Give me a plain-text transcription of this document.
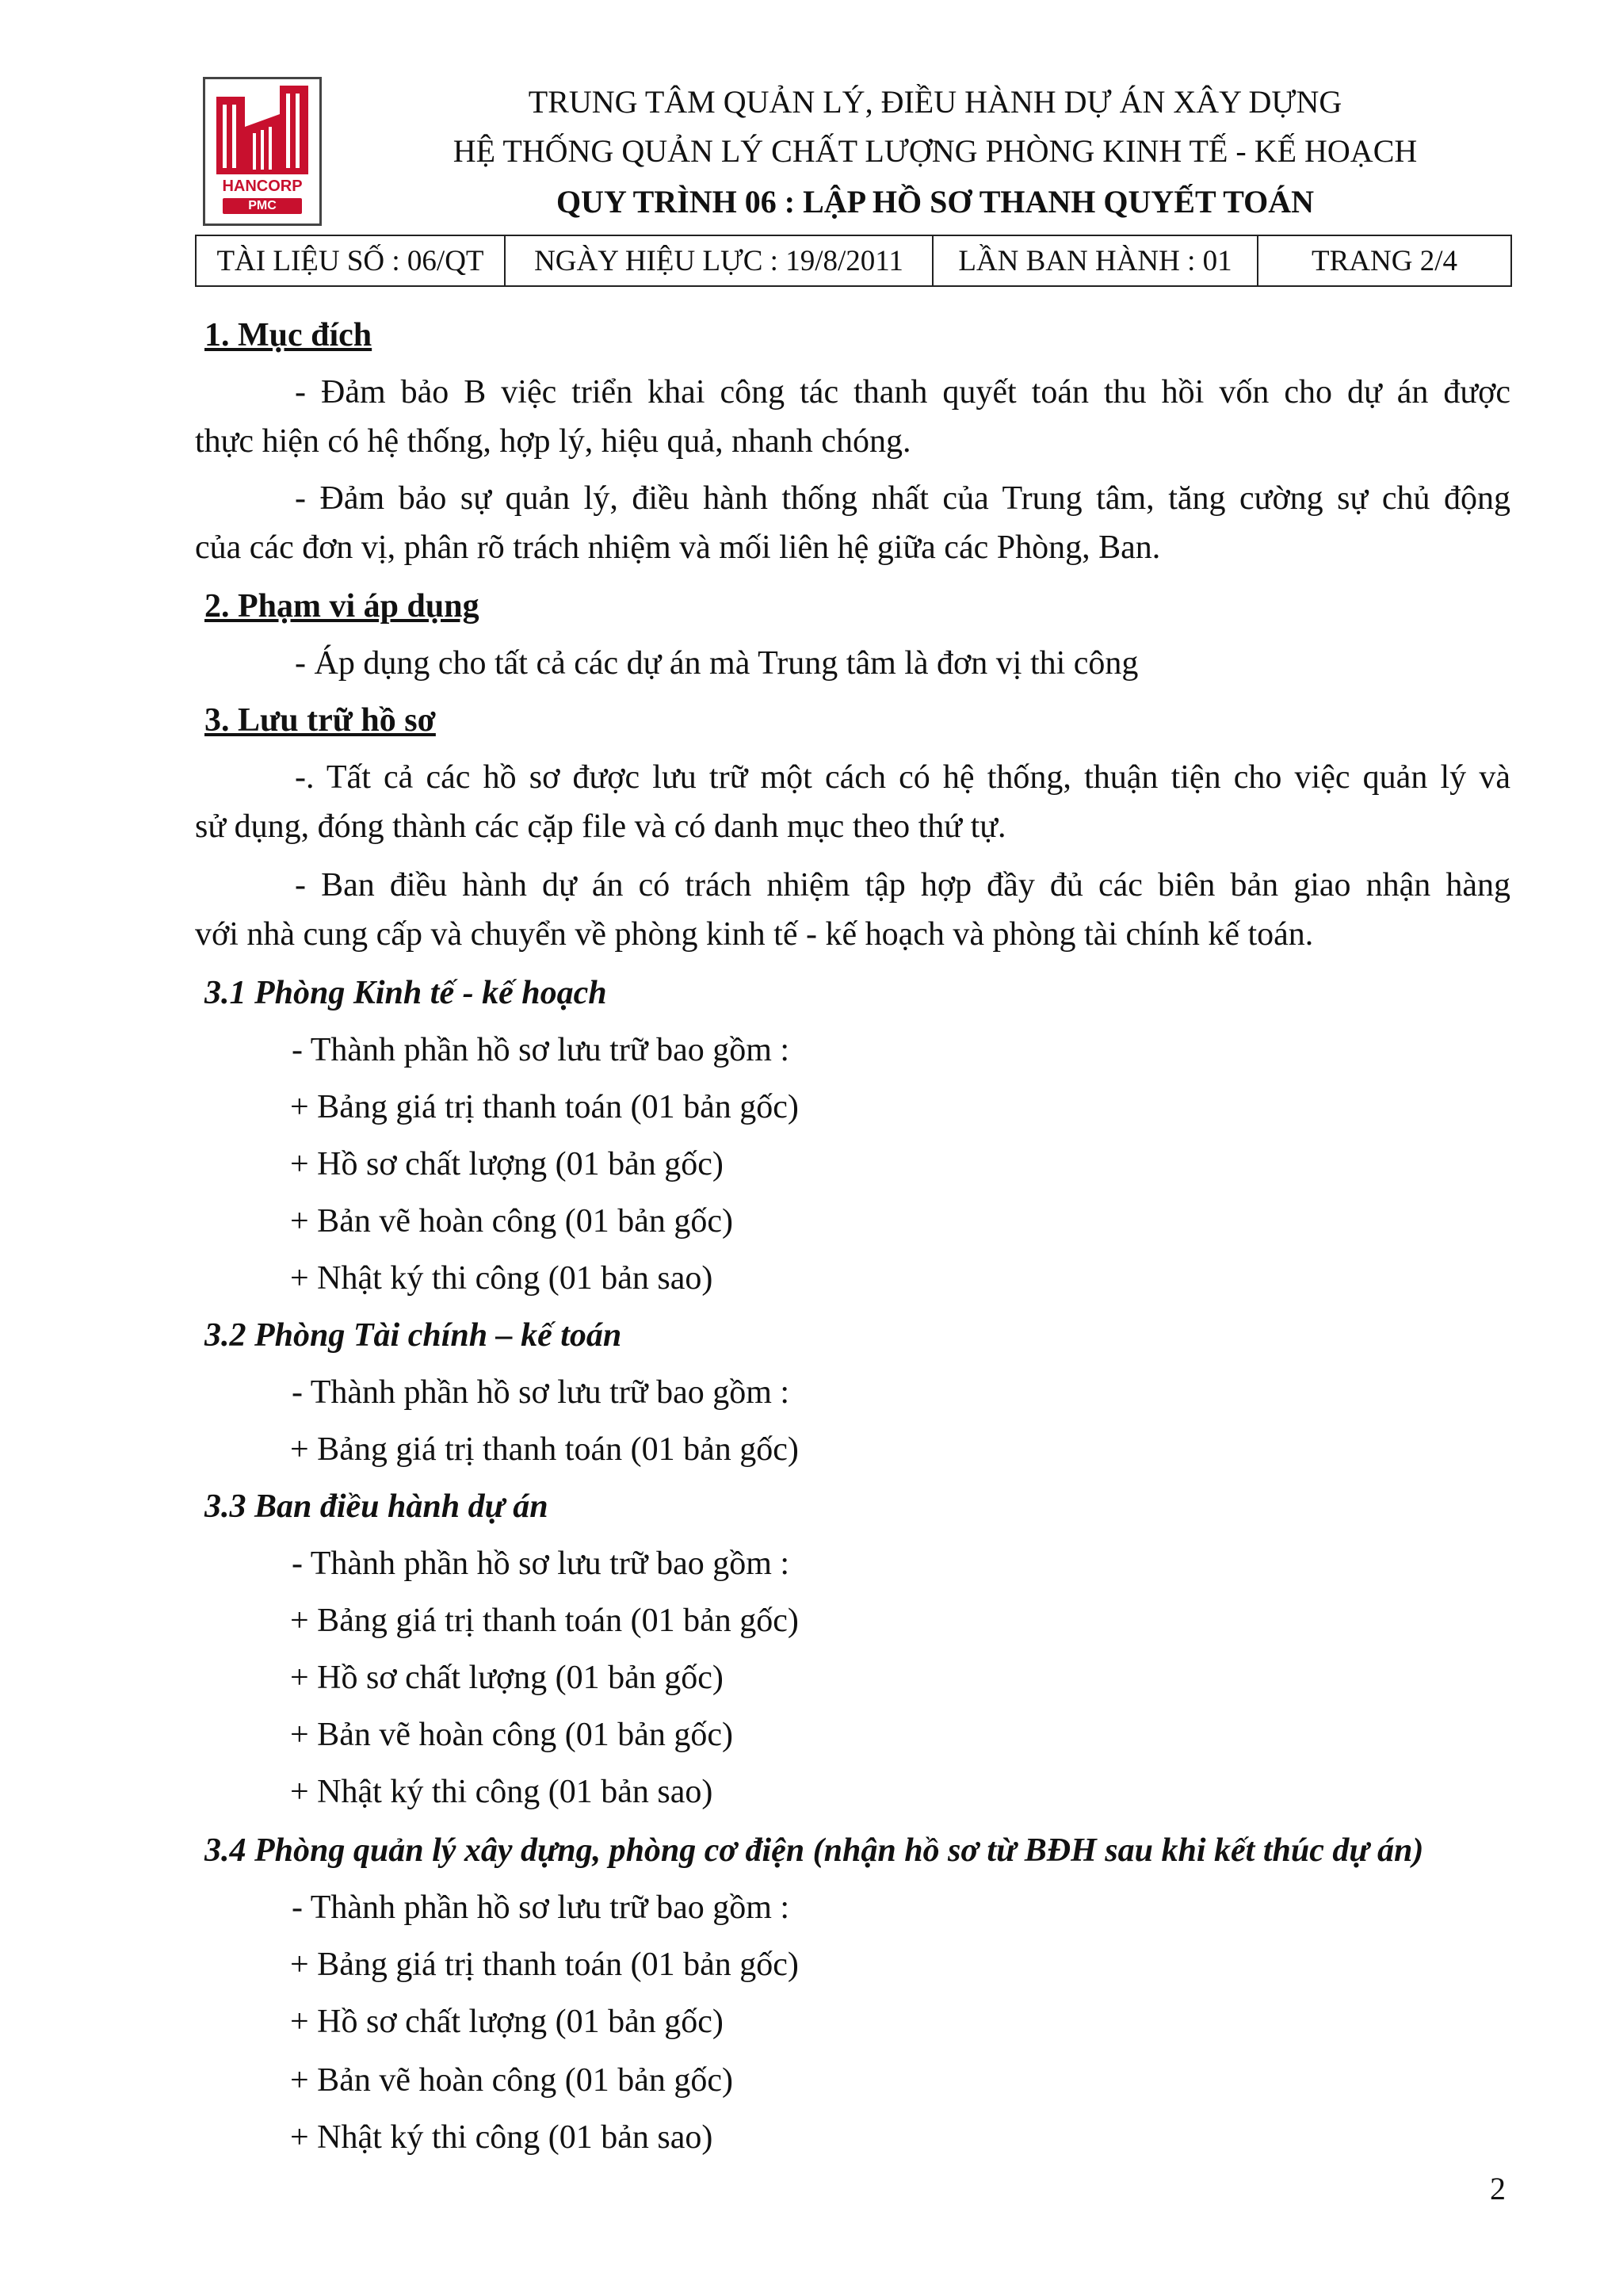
HANCORP
PMC
TRUNG TÂM QUẢN LÝ, ĐIỀU HÀNH DỰ ÁN XÂY DỰNG
HỆ THỐNG QUẢN LÝ CHẤT LƯỢNG PHÒNG KINH TẾ - KẾ HOẠCH
QUY TRÌNH 06 : LẬP HỒ SƠ THANH QUYẾT TOÁN
TÀI LIỆU SỐ : 06/QT	NGÀY HIỆU LỰC : 19/8/2011	LẦN BAN HÀNH : 01	TRANG 2/4
1. Mục đích
- Đảm bảo B việc triển khai công tác thanh quyết toán thu hồi vốn cho dự án được
thực hiện có hệ thống, hợp lý, hiệu quả, nhanh chóng.
- Đảm bảo sự quản lý, điều hành thống nhất của Trung tâm, tăng cường sự chủ động
của các đơn vị, phân rõ trách nhiệm và mối liên hệ giữa các Phòng, Ban.
2. Phạm vi áp dụng
- Áp dụng cho tất cả các dự án mà Trung tâm là đơn vị thi công
3. Lưu trữ hồ sơ
-. Tất cả các hồ sơ được lưu trữ một cách có hệ thống, thuận tiện cho việc quản lý và
sử dụng, đóng thành các cặp file và có danh mục theo thứ tự.
- Ban điều hành dự án có trách nhiệm tập hợp đầy đủ các biên bản giao nhận hàng
với nhà cung cấp và chuyển về phòng kinh tế - kế hoạch và phòng tài chính kế toán.
3.1 Phòng Kinh tế - kế hoạch
- Thành phần hồ sơ lưu trữ bao gồm :
+ Bảng giá trị thanh toán (01 bản gốc)
+ Hồ sơ chất lượng (01 bản gốc)
+ Bản vẽ hoàn công (01 bản gốc)
+ Nhật ký thi công (01 bản sao)
3.2 Phòng Tài chính – kế toán
- Thành phần hồ sơ lưu trữ bao gồm :
+ Bảng giá trị thanh toán (01 bản gốc)
3.3 Ban điều hành dự án
- Thành phần hồ sơ lưu trữ bao gồm :
+ Bảng giá trị thanh toán (01 bản gốc)
+ Hồ sơ chất lượng (01 bản gốc)
+ Bản vẽ hoàn công (01 bản gốc)
+ Nhật ký thi công (01 bản sao)
3.4 Phòng quản lý xây dựng, phòng cơ điện (nhận hồ sơ từ BĐH sau khi kết thúc dự án)
- Thành phần hồ sơ lưu trữ bao gồm :
+ Bảng giá trị thanh toán (01 bản gốc)
+ Hồ sơ chất lượng (01 bản gốc)
+ Bản vẽ hoàn công (01 bản gốc)
+ Nhật ký thi công (01 bản sao)
2
